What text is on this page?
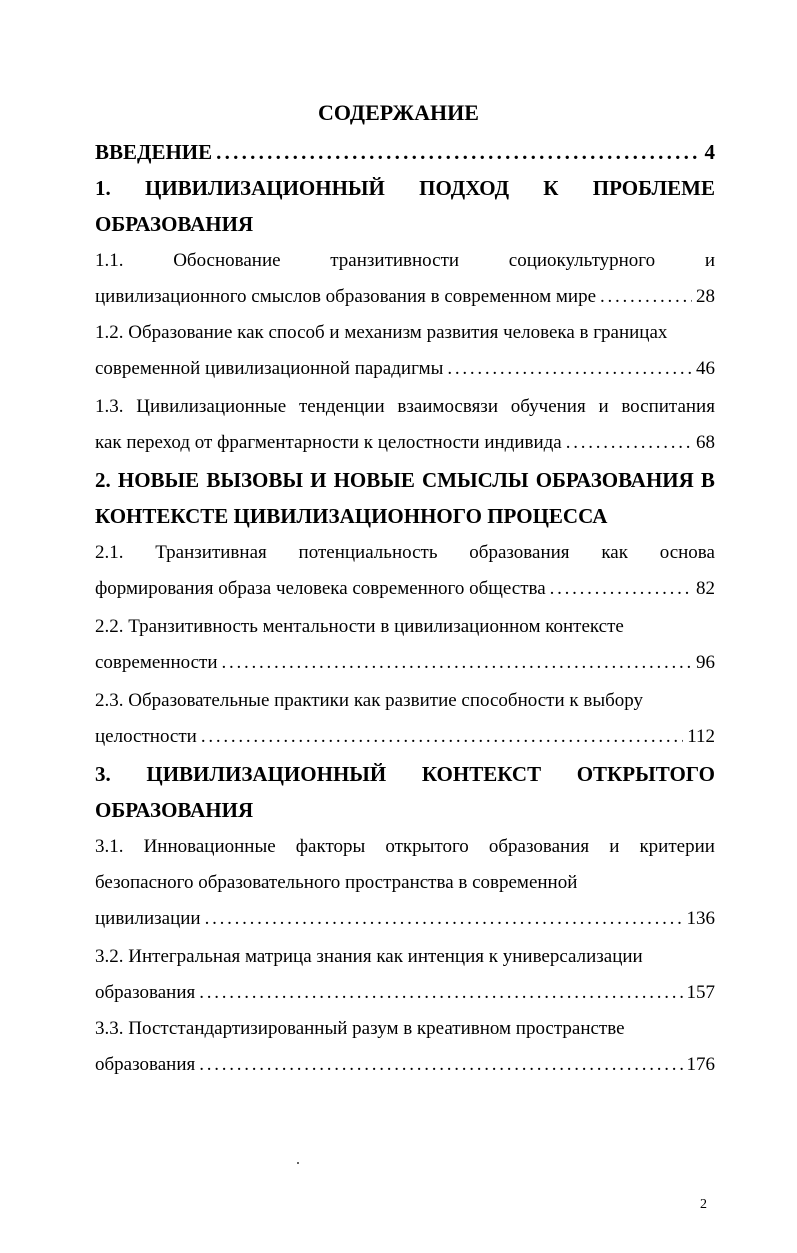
СОДЕРЖАНИЕ
ВВЕДЕНИЕ . . .	4
1. ЦИВИЛИЗАЦИОННЫЙ ПОДХОД К ПРОБЛЕМЕ
ОБРАЗОВАНИЯ
1.1.	Обоснование	транзитивности	социокультурного	и
цивилизационного смыслов образования в современном мире . . .	28
1.2. Образование как способ и механизм развития человека в границах
современной цивилизационной парадигмы . . .	46
1.3. Цивилизационные тенденции взаимосвязи обучения и воспитания
как переход от фрагментарности к целостности индивида . . .	68
2. НОВЫЕ ВЫЗОВЫ И НОВЫЕ СМЫСЛЫ ОБРАЗОВАНИЯ В
КОНТЕКСТЕ ЦИВИЛИЗАЦИОННОГО ПРОЦЕССА
2.1. Транзитивная потенциальность образования как основа
формирования образа человека современного общества . . .	82
2.2. Транзитивность ментальности в цивилизационном контексте
современности . . .	96
2.3. Образовательные практики как развитие способности к выбору
целостности . . .	112
3. ЦИВИЛИЗАЦИОННЫЙ КОНТЕКСТ ОТКРЫТОГО
ОБРАЗОВАНИЯ
3.1. Инновационные факторы открытого образования и критерии
безопасного образовательного пространства в современной
цивилизации . . .	136
3.2. Интегральная матрица знания как интенция к универсализации
образования . . .	157
3.3. Постстандартизированный разум в креативном пространстве
образования . . .	176
2
